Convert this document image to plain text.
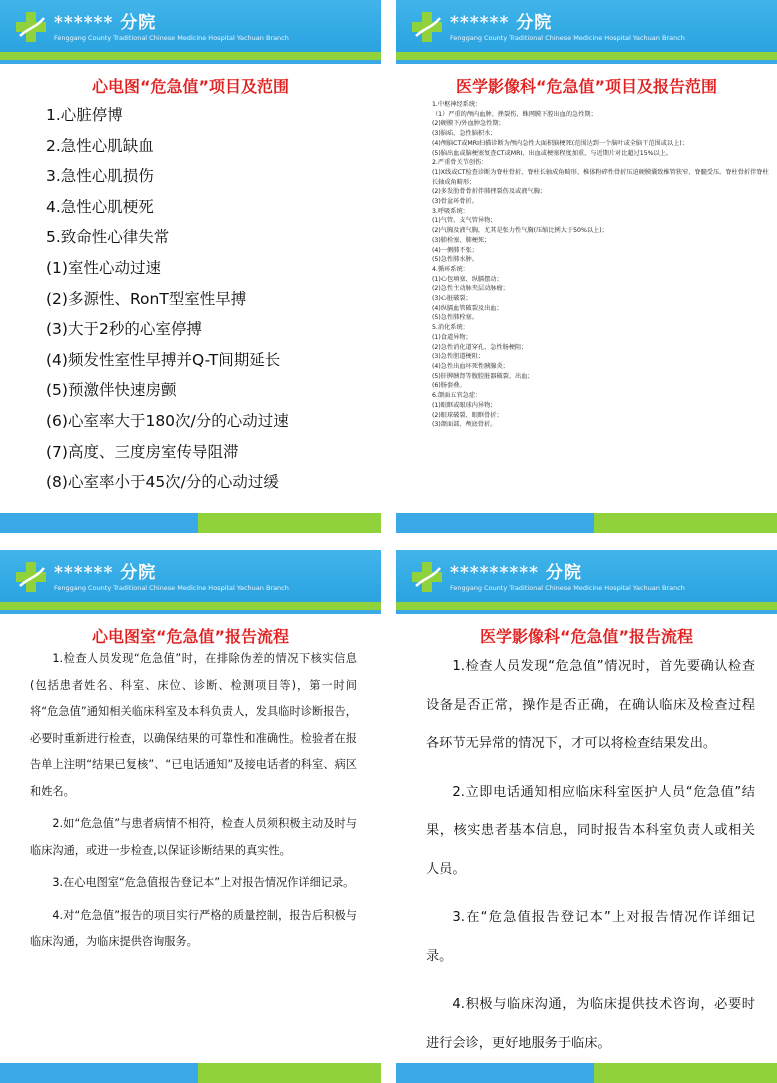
****** 分院
Fenggang County Traditional Chinese Medicine Hospital Yachuan Branch
心电图“危急值”项目及范围
1.心脏停博
2.急性心肌缺血
3.急性心肌损伤
4.急性心肌梗死
5.致命性心律失常
(1)室性心动过速
(2)多源性、RonT型室性早搏
(3)大于2秒的心室停搏
(4)频发性室性早搏并Q-T间期延长
(5)预激伴快速房颤
(6)心室率大于180次/分的心动过速
(7)高度、三度房室传导阻滞
(8)心室率小于45次/分的心动过缓
****** 分院
Fenggang County Traditional Chinese Medicine Hospital Yachuan Branch
医学影像科“危急值”项目及报告范围
1.中枢神经系统：
（1）严重的颅内血肿、挫裂伤、蛛网膜下腔出血的急性期；
(2)硬膜下/外血肿急性期；
(3)脑疝、急性脑积水；
(4)颅脑CT或MRI扫描诊断为颅内急性大面积脑梗死(范围达到一个脑叶或全脑干范围或以上)；
(5)脑出血或脑梗塞复查CT或MRI，出血或梗塞程度加重，与近期片对比超过15%以上。
2.严重骨关节创伤：
(1)X线或CT检查诊断为脊柱骨折，脊柱长轴成角畸形、椎体粉碎性骨折压迫硬膜囊致椎管狭窄、脊髓受压。脊柱骨折伴脊柱长轴成角畸形；
(2)多发肋骨骨折伴肺挫裂伤及或液气胸；
(3)骨盆环骨折。
3.呼吸系统：
(1)气管、支气管异物；
(2)气胸及液气胸，尤其是张力性气胸(压缩比例大于50%以上)；
(3)肺栓塞、肺梗死；
(4)一侧肺不张；
(5)急性肺水肿。
4.循环系统：
(1)心包填塞、纵膈摆动；
(2)急性主动脉夹层动脉瘤；
(3)心脏破裂；
(4)纵膈血管破裂及出血；
(5)急性肺栓塞。
5.消化系统：
(1)食道异物；
(2)急性消化道穿孔、急性肠梗阻；
(3)急性胆道梗阻；
(4)急性出血坏死性胰腺炎；
(5)肝脾胰肾等腹腔脏器破裂、出血；
(6)肠套叠。
6.颌面五官急症：
(1)眼眶或眼球内异物；
(2)眼球破裂、眼眶骨折；
(3)颌面部、颅底骨折。
****** 分院
Fenggang County Traditional Chinese Medicine Hospital Yachuan Branch
心电图室“危急值”报告流程

1.检查人员发现“危急值”时，在排除伪差的情况下核实信息(包括患者姓名、科室、床位、诊断、检测项目等)，第一时间将“危急值”通知相关临床科室及本科负责人，发具临时诊断报告，必要时重新进行检查，以确保结果的可靠性和准确性。检验者在报告单上注明“结果已复核”、“已电话通知”及接电话者的科室、病区和姓名。

2.如“危急值”与患者病情不相符，检查人员须积极主动及时与临床沟通，或进一步检查,以保证诊断结果的真实性。

3.在心电图室“危急值报告登记本”上对报告情况作详细记录。

4.对“危急值”报告的项目实行严格的质量控制，报告后积极与临床沟通，为临床提供咨询服务。

********* 分院
Fenggang County Traditional Chinese Medicine Hospital Yachuan Branch
医学影像科“危急值”报告流程

1.检查人员发现“危急值”情况时，首先要确认检查设备是否正常，操作是否正确，在确认临床及检查过程各环节无异常的情况下，才可以将检查结果发出。

2.立即电话通知相应临床科室医护人员“危急值”结果，核实患者基本信息，同时报告本科室负责人或相关人员。

3.在“危急值报告登记本”上对报告情况作详细记录。

4.积极与临床沟通，为临床提供技术咨询，必要时进行会诊，更好地服务于临床。
